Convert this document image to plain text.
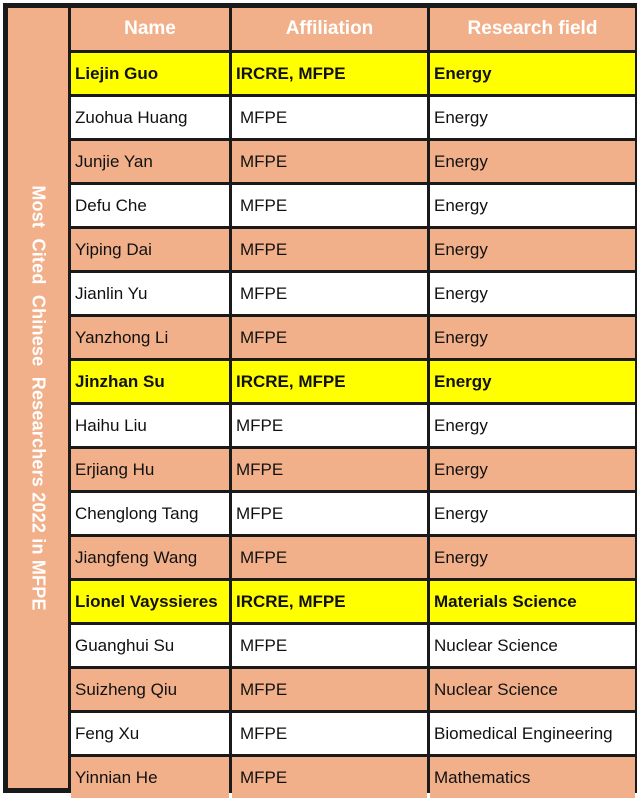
Most  Cited  Chinese  Researchers 2022 in MFPE
Name	Affiliation	Research field
Liejin Guo	IRCRE, MFPE	Energy
Zuohua Huang	MFPE	Energy
Junjie Yan	MFPE	Energy
Defu Che	MFPE	Energy
Yiping Dai	MFPE	Energy
Jianlin Yu	MFPE	Energy
Yanzhong Li	MFPE	Energy
Jinzhan Su	IRCRE, MFPE	Energy
Haihu Liu	MFPE	Energy
Erjiang Hu	MFPE	Energy
Chenglong Tang	MFPE	Energy
Jiangfeng Wang	MFPE	Energy
Lionel Vayssieres	IRCRE, MFPE	Materials Science
Guanghui Su	MFPE	Nuclear Science
Suizheng Qiu	MFPE	Nuclear Science
Feng Xu	MFPE	Biomedical Engineering
Yinnian He	MFPE	Mathematics
